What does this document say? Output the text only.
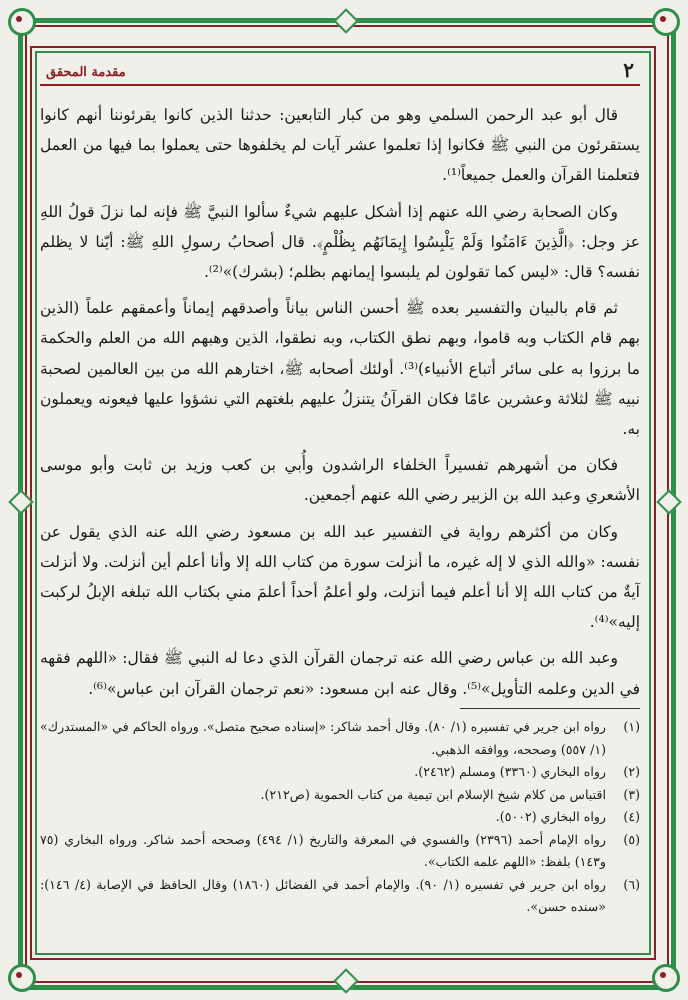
٢
مقدمة المحقق

قال أبو عبد الرحمن السلمي وهو من كبار التابعين: حدثنا الذين كانوا يقرئوننا أنهم كانوا يستقرئون من النبي ﷺ فكانوا إذا تعلموا عشر آيات لم يخلفوها حتى يعملوا بما فيها من العمل فتعلمنا القرآن والعمل جميعاً⁽¹⁾.

وكان الصحابة رضي الله عنهم إذا أشكل عليهم شيءٌ سألوا النبيَّ ﷺ فإنه لما نزلَ قولُ اللهِ عز وجل: ﴿الَّذِينَ ءَامَنُوا وَلَمْ يَلْبِسُوا إِيمَانَهُم بِظُلْمٍ﴾. قال أصحابُ رسولِ اللهِ ﷺ: أيّنا لا يظلم نفسه؟ قال: «ليس كما تقولون لم يلبسوا إيمانهم بظلم؛ (بشرك)»⁽²⁾.

ثم قام بالبيان والتفسير بعده ﷺ أحسن الناس بياناً وأصدقهم إيماناً وأعمقهم علماً (الذين بهم قام الكتاب وبه قاموا، وبهم نطق الكتاب، وبه نطقوا، الذين وهبهم الله من العلم والحكمة ما برزوا به على سائر أتباع الأنبياء)⁽³⁾. أولئك أصحابه ﷺ، اختارهم الله من بين العالمين لصحبة نبيه ﷺ لثلاثة وعشرين عامًا فكان القرآنُ يتنزلُ عليهم بلغتهم التي نشؤوا عليها فيعونه ويعملون به.

فكان من أشهرهم تفسيراً الخلفاء الراشدون وأُبي بن كعب وزيد بن ثابت وأبو موسى الأشعري وعبد الله بن الزبير رضي الله عنهم أجمعين.

وكان من أكثرهم رواية في التفسير عبد الله بن مسعود رضي الله عنه الذي يقول عن نفسه: «والله الذي لا إله غيره، ما أنزلت سورة من كتاب الله إلا وأنا أعلم أين أنزلت. ولا أنزلت آيةٌ من كتاب الله إلا أنا أعلم فيما أنزلت، ولو أعلمُ أحداً أعلمَ مني بكتاب الله تبلغه الإبلُ لركبت إليه»⁽⁴⁾.

وعبد الله بن عباس رضي الله عنه ترجمان القرآن الذي دعا له النبي ﷺ فقال: «اللهم فقهه في الدين وعلمه التأويل»⁽⁵⁾. وقال عنه ابن مسعود: «نعم ترجمان القرآن ابن عباس»⁽⁶⁾.

(١)
رواه ابن جرير في تفسيره (١/ ٨٠). وقال أحمد شاكر: «إسناده صحيح متصل». ورواه الحاكم في «المستدرك» (١/ ٥٥٧) وصححه، ووافقه الذهبي.
(٢)
رواه البخاري (٣٣٦٠) ومسلم (٢٤٦٢).
(٣)
اقتباس من كلام شيخ الإسلام ابن تيمية من كتاب الحموية (ص٢١٢).
(٤)
رواه البخاري (٥٠٠٢).
(٥)
رواه الإمام أحمد (٢٣٩٦) والفسوي في المعرفة والتاريخ (١/ ٤٩٤) وصححه أحمد شاكر. ورواه البخاري (٧٥ و١٤٣) بلفظ: «اللهم علمه الكتاب».
(٦)
رواه ابن جرير في تفسيره (١/ ٩٠). والإمام أحمد في الفضائل (١٨٦٠) وقال الحافظ في الإصابة (٤/ ١٤٦): «سنده حسن».
